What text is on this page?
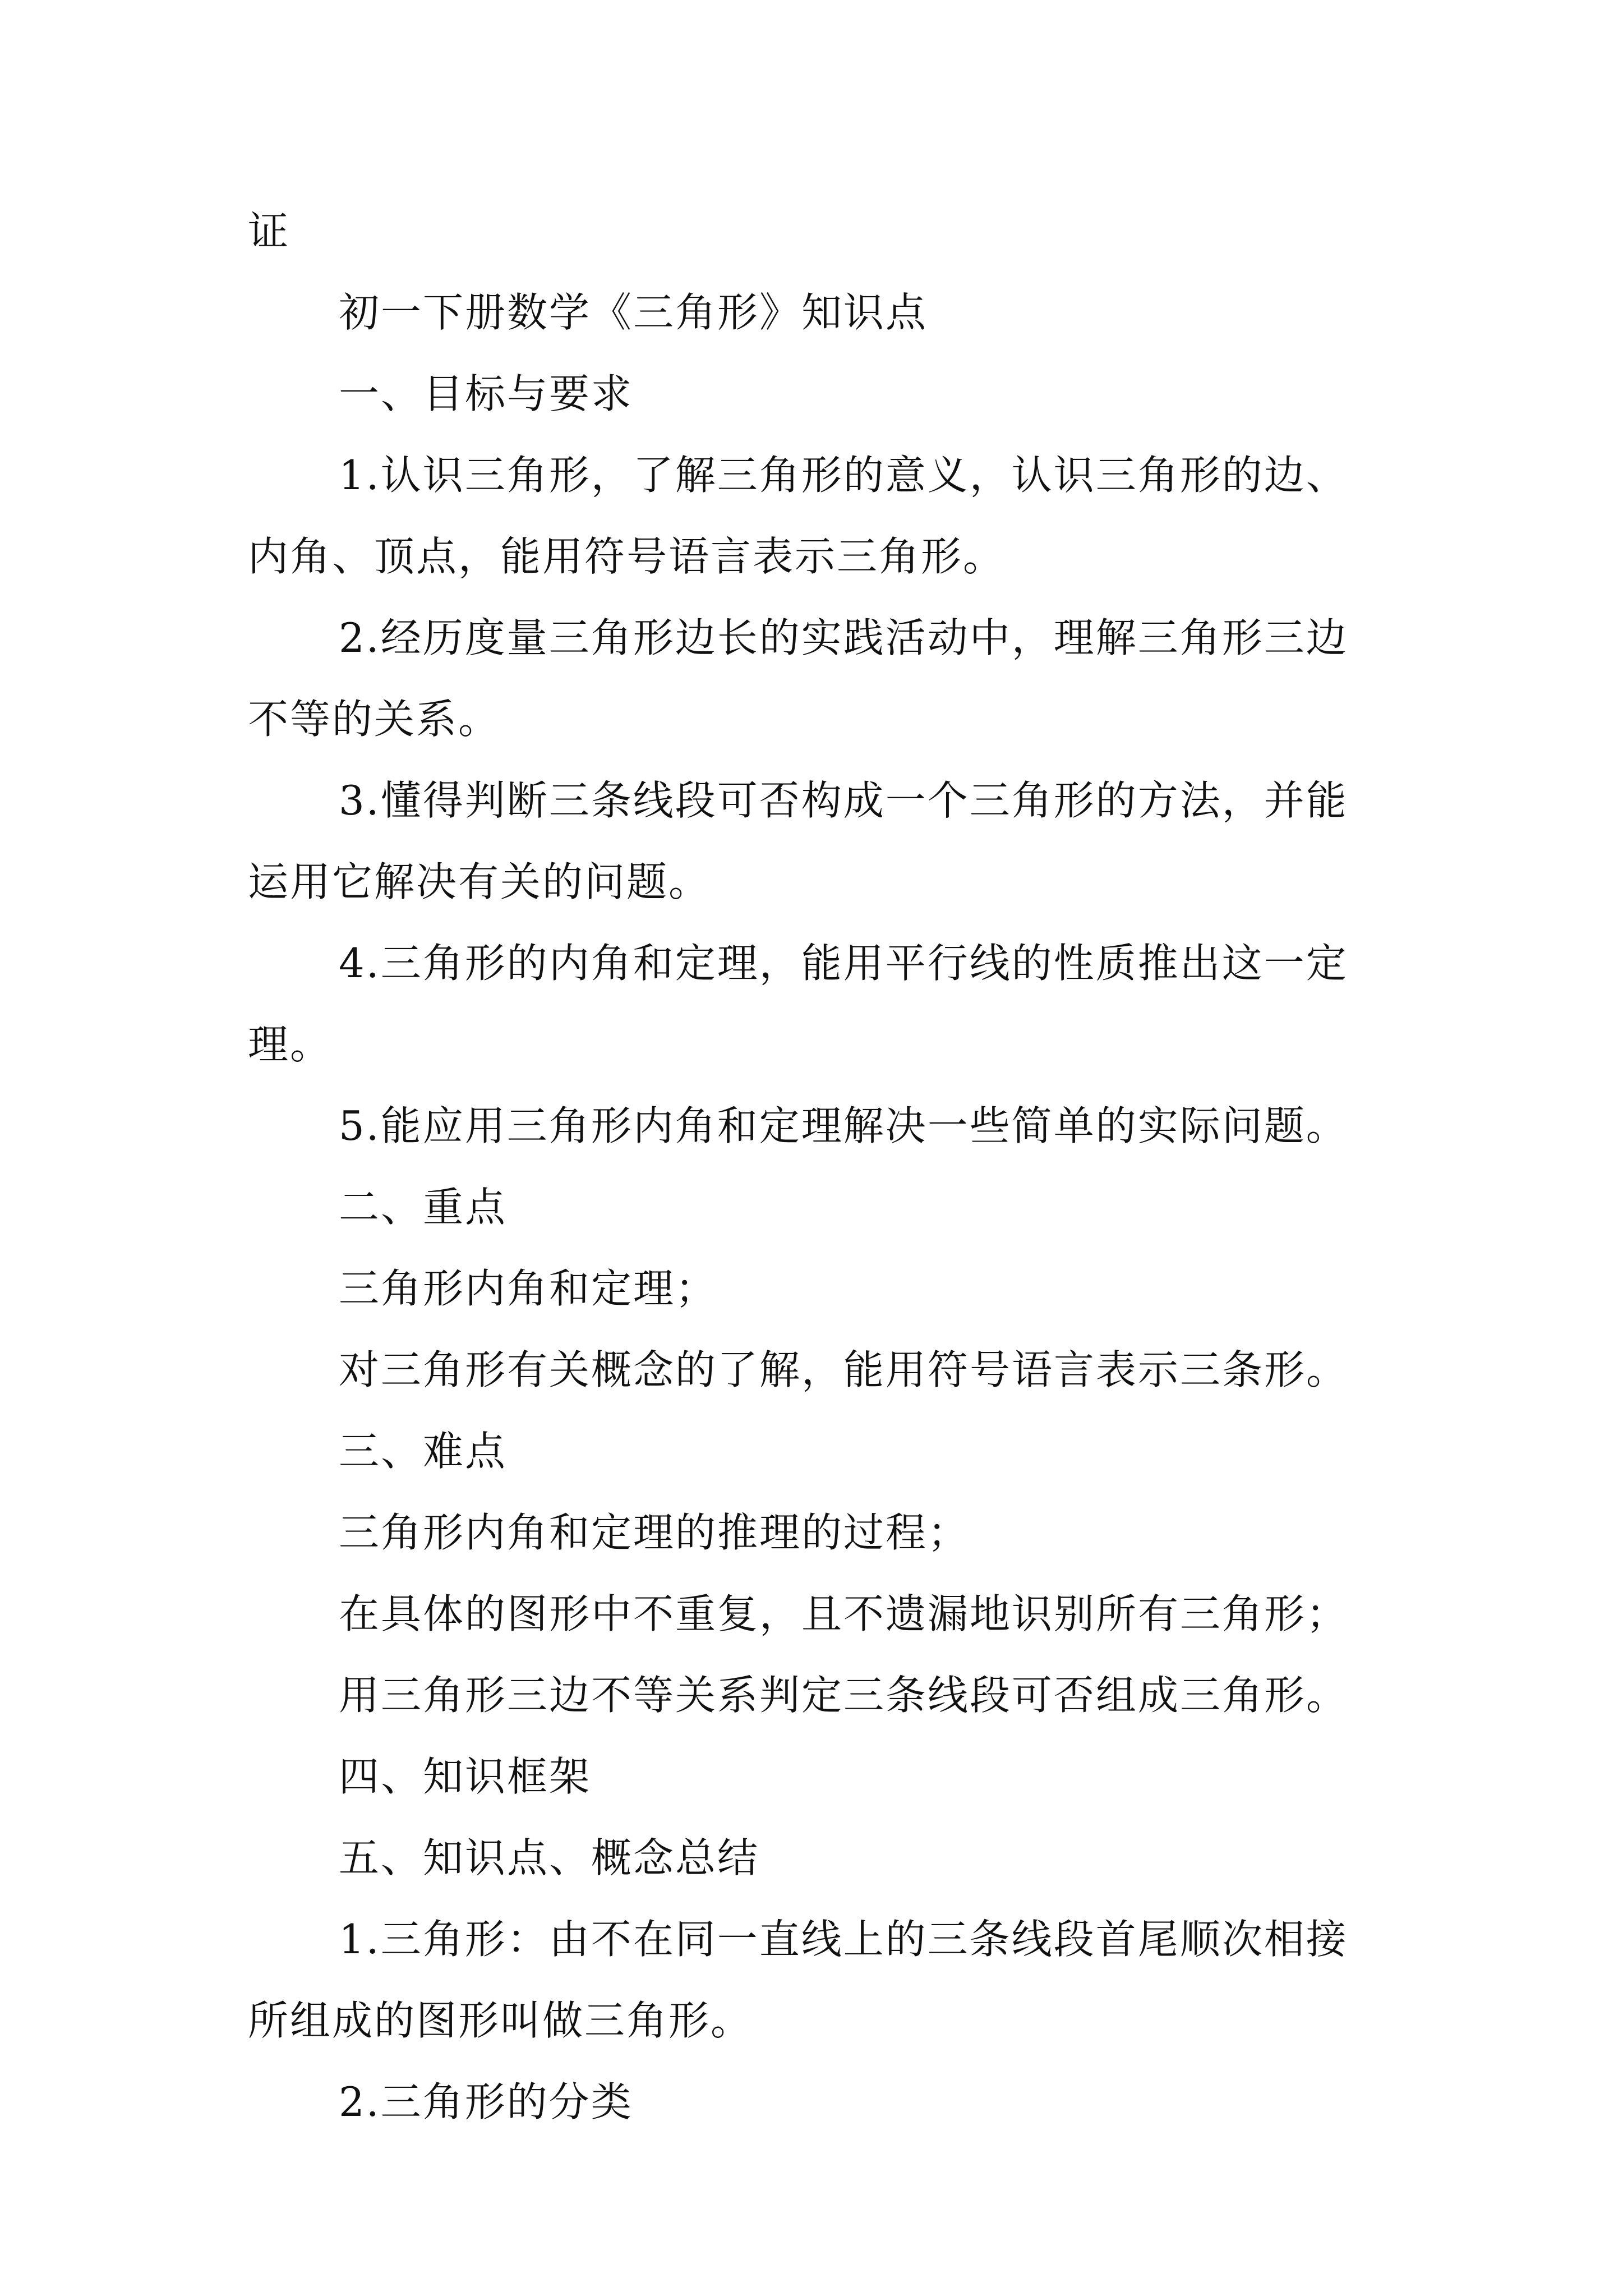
证
初一下册数学《三角形》知识点
一、目标与要求
1.认识三角形，了解三角形的意义，认识三角形的边、
内角、顶点，能用符号语言表示三角形。
2.经历度量三角形边长的实践活动中，理解三角形三边
不等的关系。
3.懂得判断三条线段可否构成一个三角形的方法，并能
运用它解决有关的问题。
4.三角形的内角和定理，能用平行线的性质推出这一定
理。
5.能应用三角形内角和定理解决一些简单的实际问题。
二、重点
三角形内角和定理；
对三角形有关概念的了解，能用符号语言表示三条形。
三、难点
三角形内角和定理的推理的过程；
在具体的图形中不重复，且不遗漏地识别所有三角形；
用三角形三边不等关系判定三条线段可否组成三角形。
四、知识框架
五、知识点、概念总结
1.三角形：由不在同一直线上的三条线段首尾顺次相接
所组成的图形叫做三角形。
2.三角形的分类
